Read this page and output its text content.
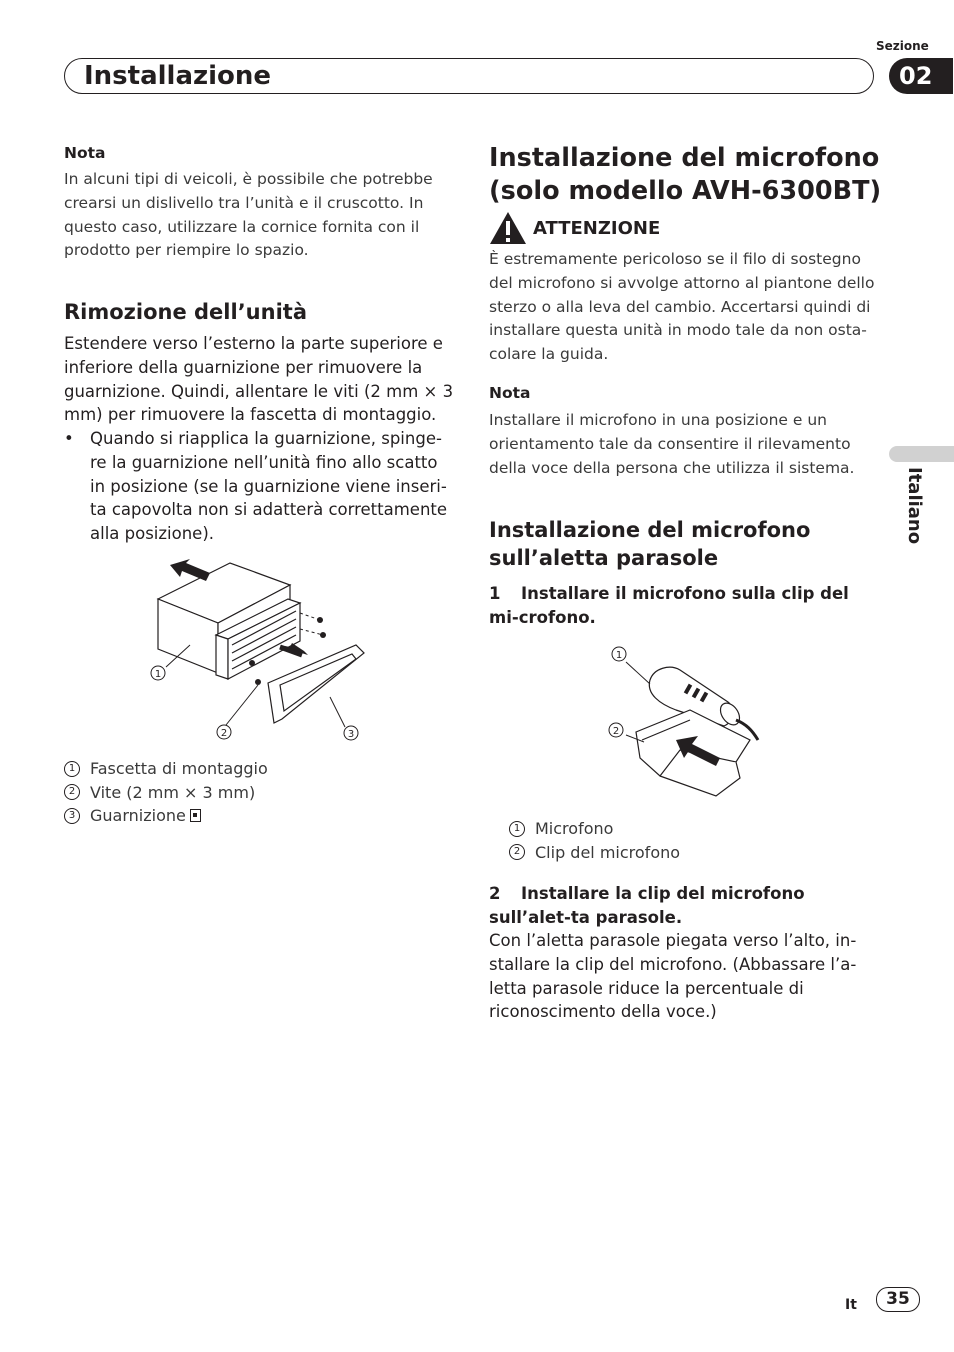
Installazione
Sezione
02
Italiano

Nota

In alcuni tipi di veicoli, è possibile che potrebbe crearsi un dislivello tra l’unità e il cruscotto. In questo caso, utilizzare la cornice fornita con il prodotto per riempire lo spazio.

Rimozione dell’unità

Estendere verso l’esterno la parte superiore e inferiore della guarnizione per rimuovere la guarnizione. Quindi, allentare le viti (2 mm × 3 mm) per rimuovere la fascetta di montaggio.

• Quando si riapplica la guarnizione, spinge-re la guarnizione nell’unità fino allo scatto in posizione (se la guarnizione viene inseri-ta capovolta non si adatterà correttamente alla posizione).
1
2	3
1 Fascetta di montaggio
2 Vite (2 mm × 3 mm)
3 Guarnizione
Installazione del microfono (solo modello AVH-6300BT)
ATTENZIONE

È estremamente pericoloso se il filo di sostegno del microfono si avvolge attorno al piantone dello sterzo o alla leva del cambio. Accertarsi quindi di installare questa unità in modo tale da non osta-colare la guida.

Nota

Installare il microfono in una posizione e un orientamento tale da consentire il rilevamento della voce della persona che utilizza il sistema.

Installazione del microfono sull’aletta parasole

1 Installare il microfono sulla clip del mi-crofono.

1
2
1 Microfono
2 Clip del microfono

2 Installare la clip del microfono sull’alet-ta parasole.

Con l’aletta parasole piegata verso l’alto, in-stallare la clip del microfono. (Abbassare l’a-letta parasole riduce la percentuale di riconoscimento della voce.)

It	35
